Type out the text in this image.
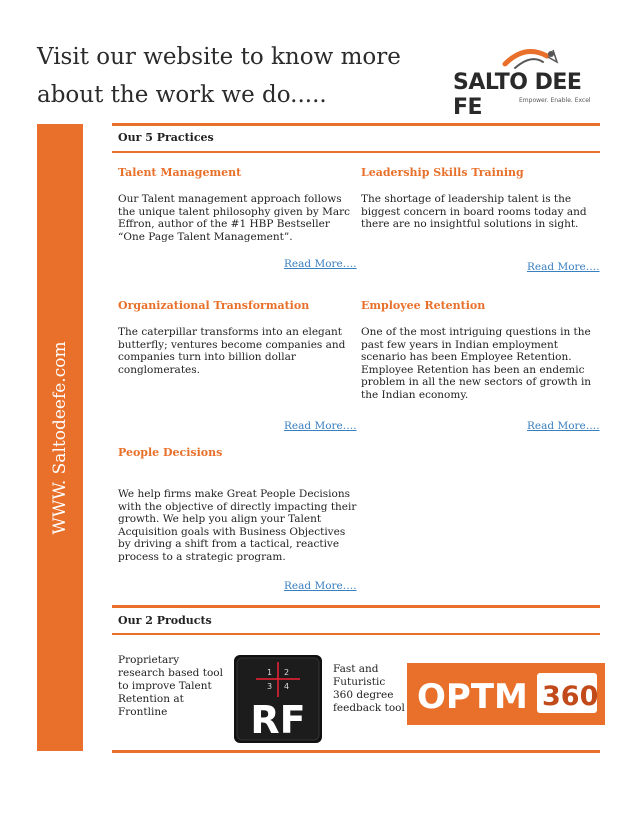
Visit our website to know more about the work we do.....	SALTO DEE FE	Empower. Enable. Excel
WWW. Saltodeefe.com
Our 5 Practices
Talent Management
Our Talent management approach follows the unique talent philosophy given by Marc Effron, author of the #1 HBP Bestseller “One Page Talent Management”.
Read More….
Leadership Skills Training
The shortage of leadership talent is the biggest concern in board rooms today and there are no insightful solutions in sight.
Read More….
Organizational Transformation
The caterpillar transforms into an elegant butterfly; ventures become companies and companies turn into billion dollar conglomerates.
Read More….
Employee Retention
One of the most intriguing questions in the past few years in Indian employment scenario has been Employee Retention. Employee Retention has been an endemic problem in all the new sectors of growth in the Indian economy.
Read More….
People Decisions
We help firms make Great People Decisions with the objective of directly impacting their growth. We help you align your Talent Acquisition goals with Business Objectives by driving a shift from a tactical, reactive process to a strategic program.
Read More….
Our 2 Products
Proprietary research based tool to improve Talent Retention at Frontline
1 2
3 4
RF
Fast and Futuristic 360 degree feedback tool OPTM 360
